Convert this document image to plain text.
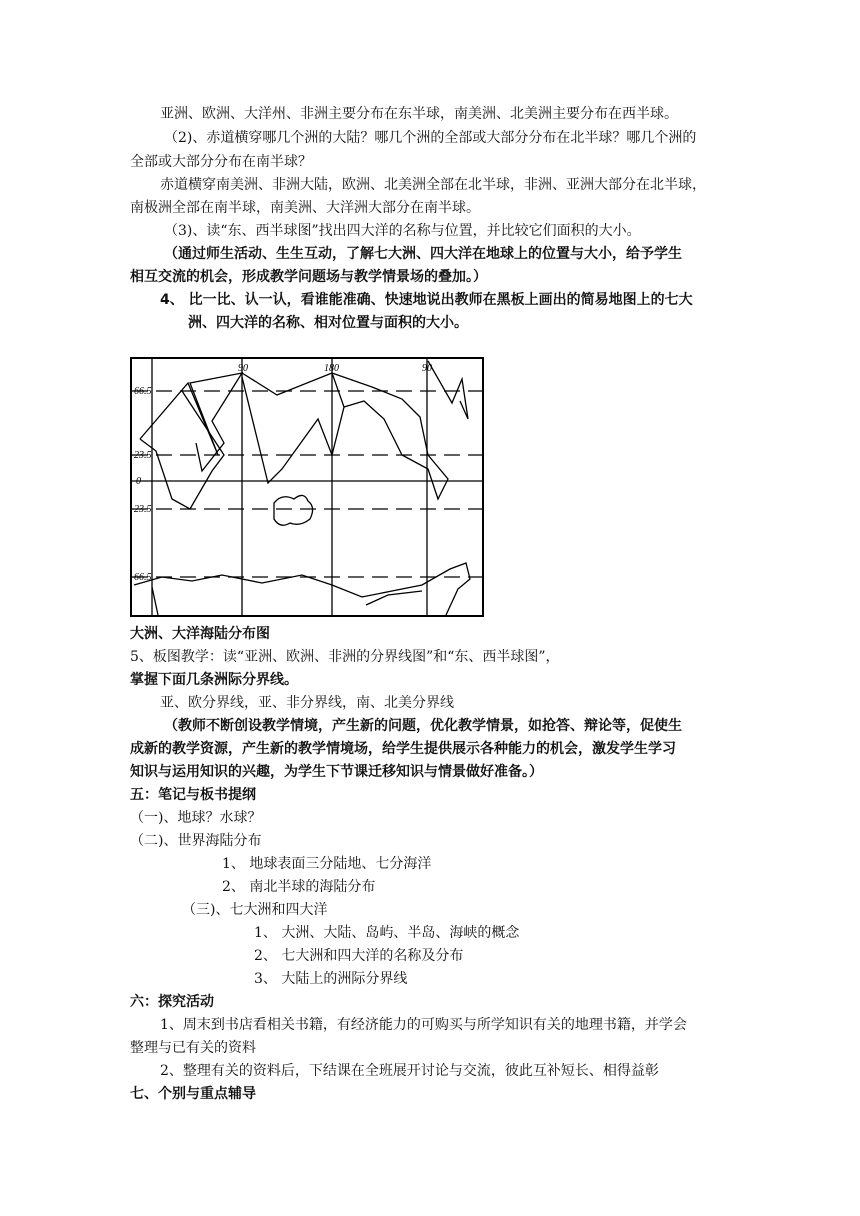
亚洲、欧洲、大洋州、非洲主要分布在东半球，南美洲、北美洲主要分布在西半球。
（2)、赤道横穿哪几个洲的大陆？哪几个洲的全部或大部分分布在北半球？哪几个洲的
全部或大部分分布在南半球？
赤道横穿南美洲、非洲大陆，欧洲、北美洲全部在北半球，非洲、亚洲大部分在北半球，
南极洲全部在南半球，南美洲、大洋洲大部分在南半球。
（3)、读“东、西半球图”找出四大洋的名称与位置，并比较它们面积的大小。
（通过师生活动、生生互动，了解七大洲、四大洋在地球上的位置与大小，给予学生
相互交流的机会，形成教学问题场与教学情景场的叠加。）
4、 比一比、认一认，看谁能准确、快速地说出教师在黑板上画出的简易地图上的七大
洲、四大洋的名称、相对位置与面积的大小。
90	180	90
66.5
23.5
0
23.5
66.5
大洲、大洋海陆分布图
5、板图教学：读“亚洲、欧洲、非洲的分界线图”和“东、西半球图”，
掌握下面几条洲际分界线。
亚、欧分界线，亚、非分界线，南、北美分界线
（教师不断创设教学情境，产生新的问题，优化教学情景，如抢答、辩论等，促使生
成新的教学资源，产生新的教学情境场，给学生提供展示各种能力的机会，激发学生学习
知识与运用知识的兴趣，为学生下节课迁移知识与情景做好准备。）
五：笔记与板书提纲
（一)、地球？水球？
（二)、世界海陆分布
1、 地球表面三分陆地、七分海洋
2、 南北半球的海陆分布
（三)、七大洲和四大洋
1、 大洲、大陆、岛屿、半岛、海峡的概念
2、 七大洲和四大洋的名称及分布
3、 大陆上的洲际分界线
六：探究活动
1、周末到书店看相关书籍，有经济能力的可购买与所学知识有关的地理书籍，并学会
整理与已有关的资料
2、整理有关的资料后，下结课在全班展开讨论与交流，彼此互补短长、相得益彰
七、个别与重点辅导
